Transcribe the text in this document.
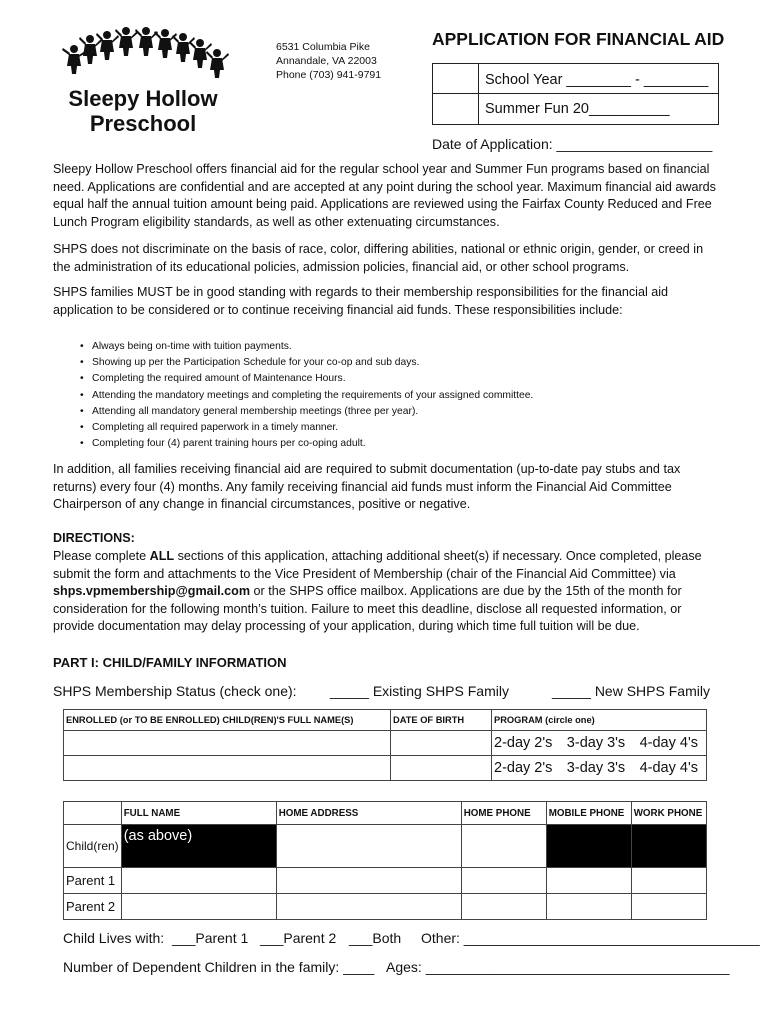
Sleepy Hollow
Preschool
6531 Columbia Pike
Annandale, VA 22003
Phone (703) 941-9791
APPLICATION FOR FINANCIAL AID
School Year ________ - ________
Summer Fun 20__________
Date of Application: ____________________

Sleepy Hollow Preschool offers financial aid for the regular school year and Summer Fun programs based on financial need. Applications are confidential and are accepted at any point during the school year. Maximum financial aid awards equal half the annual tuition amount being paid. Applications are reviewed using the Fairfax County Reduced and Free Lunch Program eligibility standards, as well as other extenuating circumstances.

SHPS does not discriminate on the basis of race, color, differing abilities, national or ethnic origin, gender, or creed in the administration of its educational policies, admission policies, financial aid, or other school programs.

SHPS families MUST be in good standing with regards to their membership responsibilities for the financial aid application to be considered or to continue receiving financial aid funds. These responsibilities include:

• Always being on-time with tuition payments.
• Showing up per the Participation Schedule for your co-op and sub days.
• Completing the required amount of Maintenance Hours.
• Attending the mandatory meetings and completing the requirements of your assigned committee.
• Attending all mandatory general membership meetings (three per year).
• Completing all required paperwork in a timely manner.
• Completing four (4) parent training hours per co-oping adult.

In addition, all families receiving financial aid are required to submit documentation (up-to-date pay stubs and tax returns) every four (4) months. Any family receiving financial aid funds must inform the Financial Aid Committee Chairperson of any change in financial circumstances, positive or negative.

DIRECTIONS:

Please complete ALL sections of this application, attaching additional sheet(s) if necessary. Once completed, please submit the form and attachments to the Vice President of Membership (chair of the Financial Aid Committee) via shps.vpmembership@gmail.com or the SHPS office mailbox. Applications are due by the 15th of the month for consideration for the following month’s tuition. Failure to meet this deadline, disclose all requested information, or provide documentation may delay processing of your application, during which time full tuition will be due.

PART I: CHILD/FAMILY INFORMATION
SHPS Membership Status (check one): _____ Existing SHPS Family	_____ New SHPS Family
ENROLLED (or TO BE ENROLLED) CHILD(REN)'S FULL NAME(S)	DATE OF BIRTH	PROGRAM (circle one)

		2-day 2's 3-day 3's 4-day 4's

		2-day 2's 3-day 3's 4-day 4's
	FULL NAME	HOME ADDRESS	HOME PHONE	MOBILE PHONE	WORK PHONE
Child(ren)	(as above)				
Parent 1					
Parent 2					
Child Lives with: ___Parent 1 ___Parent 2 ___Both Other: ______________________________________
Number of Dependent Children in the family: ____ Ages: _______________________________________
